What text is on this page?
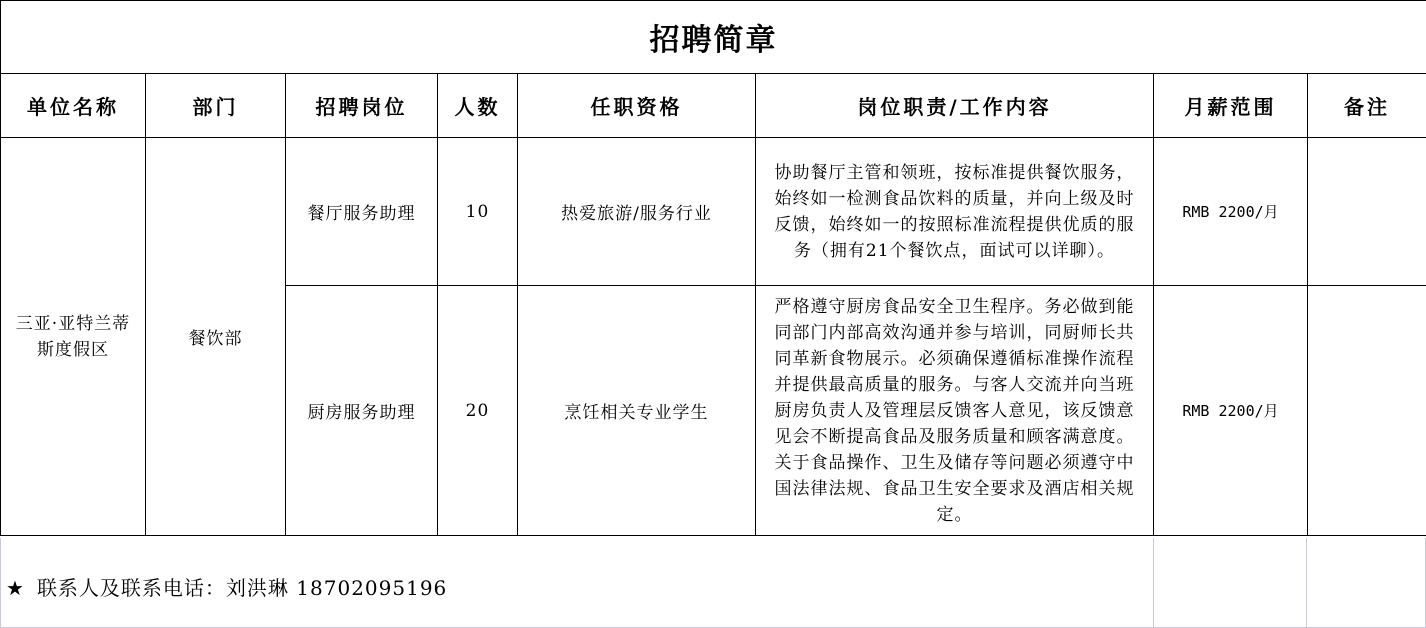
招聘简章							
单位名称	部门	招聘岗位	人数	任职资格	岗位职责/工作内容	月薪范围	备注
三亚·亚特兰蒂斯度假区	餐饮部	餐厅服务助理	10	热爱旅游/服务行业	协助餐厅主管和领班，按标准提供餐饮服务，始终如一检测食品饮料的质量，并向上级及时反馈，始终如一的按照标准流程提供优质的服务（拥有21个餐饮点，面试可以详聊）。	RMB 2200/月	
		厨房服务助理	20	烹饪相关专业学生	严格遵守厨房食品安全卫生程序。务必做到能同部门内部高效沟通并参与培训，同厨师长共同革新食物展示。必须确保遵循标准操作流程并提供最高质量的服务。与客人交流并向当班厨房负责人及管理层反馈客人意见，该反馈意见会不断提高食品及服务质量和顾客满意度。关于食品操作、卫生及储存等问题必须遵守中国法律法规、食品卫生安全要求及酒店相关规定。	RMB 2200/月	
★ 联系人及联系电话：刘洪琳 18702095196
